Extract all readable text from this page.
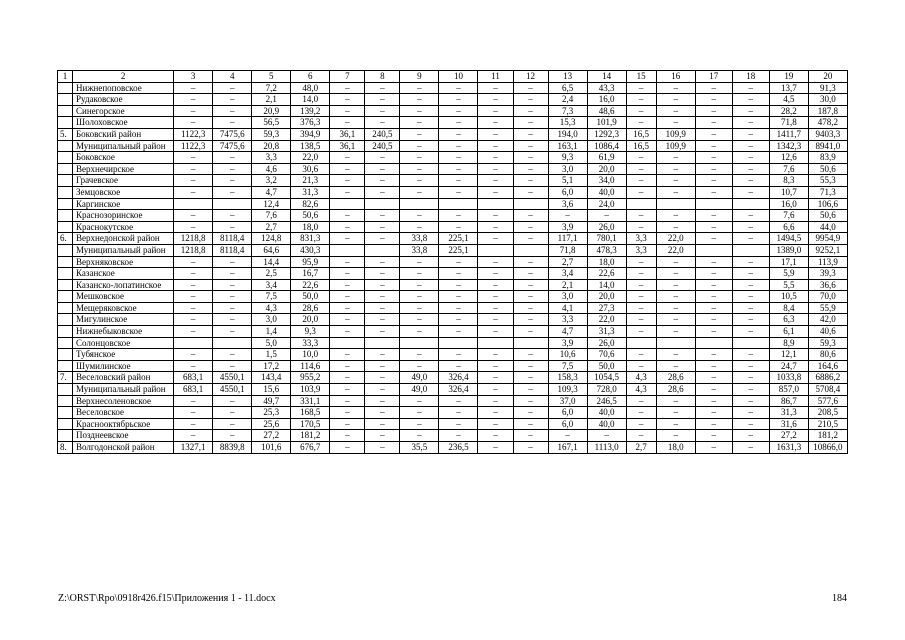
1	2	3	4	5	6	7	8	9	10	11	12	13	14	15	16	17	18	19	20
	Нижнепоповское	–	–	7,2	48,0	–	–	–	–	–	–	6,5	43,3	–	–	–	–	13,7	91,3
	Рудаковское	–	–	2,1	14,0	–	–	–	–	–	–	2,4	16,0	–	–	–	–	4,5	30,0
	Синегорское	–	–	20,9	139,2	–	–	–	–	–	–	7,3	48,6	–	–	–	–	28,2	187,8
	Шолоховское	–	–	56,5	376,3	–	–	–	–	–	–	15,3	101,9	–	–	–	–	71,8	478,2
5.	Боковский район	1122,3	7475,6	59,3	394,9	36,1	240,5	–	–	–	–	194,0	1292,3	16,5	109,9	–	–	1411,7	9403,3
	Муниципальный район	1122,3	7475,6	20,8	138,5	36,1	240,5	–	–	–	–	163,1	1086,4	16,5	109,9	–	–	1342,3	8941,0
	Боковское	–	–	3,3	22,0	–	–	–	–	–	–	9,3	61,9	–	–	–	–	12,6	83,9
	Верхнечирское	–	–	4,6	30,6	–	–	–	–	–	–	3,0	20,0	–	–	–	–	7,6	50,6
	Грачевское	–	–	3,2	21,3	–	–	–	–	–	–	5,1	34,0	–	–	–	–	8,3	55,3
	Земцовское	–	–	4,7	31,3	–	–	–	–	–	–	6,0	40,0	–	–	–	–	10,7	71,3
	Каргинское			12,4	82,6							3,6	24,0					16,0	106,6
	Краснозоринское	–	–	7,6	50,6	–	–	–	–	–	–	–	–	–	–	–	–	7,6	50,6
	Краснокутское	–	–	2,7	18,0	–	–	–	–	–	–	3,9	26,0	–	–	–	–	6,6	44,0
6.	Верхнедонской район	1218,8	8118,4	124,8	831,3	–	–	33,8	225,1	–	–	117,1	780,1	3,3	22,0	–	–	1494,5	9954,9
	Муниципальный район	1218,8	8118,4	64,6	430,3			33,8	225,1			71,8	478,3	3,3	22,0			1389,0	9252,1
	Верхняковское	–	–	14,4	95,9	–	–	–	–	–	–	2,7	18,0	–	–	–	–	17,1	113,9
	Казанское	–	–	2,5	16,7	–	–	–	–	–	–	3,4	22,6	–	–	–	–	5,9	39,3
	Казанско-лопатинское	–	–	3,4	22,6	–	–	–	–	–	–	2,1	14,0	–	–	–	–	5,5	36,6
	Мешковское	–	–	7,5	50,0	–	–	–	–	–	–	3,0	20,0	–	–	–	–	10,5	70,0
	Мещеряковское	–	–	4,3	28,6	–	–	–	–	–	–	4,1	27,3	–	–	–	–	8,4	55,9
	Мигулинское	–	–	3,0	20,0	–	–	–	–	–	–	3,3	22,0	–	–	–	–	6,3	42,0
	Нижнебыковское	–	–	1,4	9,3	–	–	–	–	–	–	4,7	31,3	–	–	–	–	6,1	40,6
	Солонцовское			5,0	33,3							3,9	26,0					8,9	59,3
	Тубянское	–	–	1,5	10,0	–	–	–	–	–	–	10,6	70,6	–	–	–	–	12,1	80,6
	Шумилинское	–	–	17,2	114,6	–	–	–	–	–	–	7,5	50,0	–	–	–	–	24,7	164,6
7.	Веселовский район	683,1	4550,1	143,4	955,2	–	–	49,0	326,4	–	–	158,3	1054,5	4,3	28,6	–	–	1033,8	6886,2
	Муниципальный район	683,1	4550,1	15,6	103,9	–	–	49,0	326,4	–	–	109,3	728,0	4,3	28,6	–	–	857,0	5708,4
	Верхнесоленовское	–	–	49,7	331,1	–	–	–	–	–	–	37,0	246,5	–	–	–	–	86,7	577,6
	Веселовское	–	–	25,3	168,5	–	–	–	–	–	–	6,0	40,0	–	–	–	–	31,3	208,5
	Краснооктябрьское	–	–	25,6	170,5	–	–	–	–	–	–	6,0	40,0	–	–	–	–	31,6	210,5
	Позднеевское	–	–	27,2	181,2	–	–	–	–	–	–	–	–	–	–	–	–	27,2	181,2
8.	Волгодонской район	1327,1	8839,8	101,6	676,7	–	–	35,5	236,5	–	–	167,1	1113,0	2,7	18,0	–	–	1631,3	10866,0
Z:\ORST\Rpo\0918r426.f15\Приложения 1 - 11.docx	184
